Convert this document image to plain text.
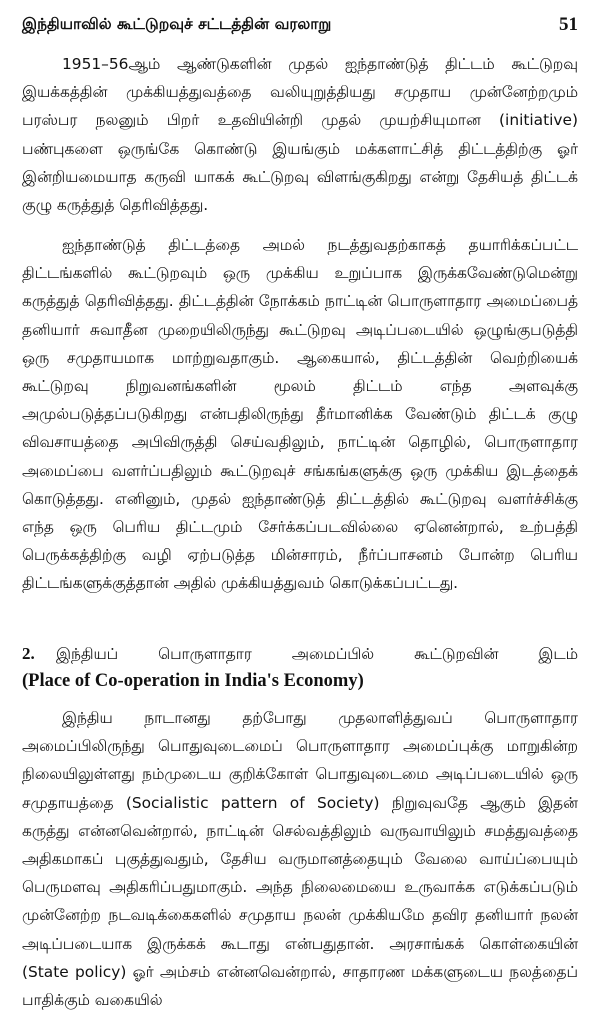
இந்தியாவில் கூட்டுறவுச் சட்டத்தின் வரலாறு	51

1951–56ஆம் ஆண்டுகளின் முதல் ஐந்தாண்டுத் திட்டம் கூட்டுறவு இயக்கத்தின் முக்கியத்துவத்தை வலியுறுத்தியது சமுதாய முன்னேற்றமும் பரஸ்பர நலனும் பிறர் உதவியின்றி முதல் முயற்சியுமான (initiative) பண்புகளை ஒருங்கே கொண்டு இயங்கும் மக்களாட்சித் திட்டத்திற்கு ஓர் இன்றியமையாத கருவி யாகக் கூட்டுறவு விளங்குகிறது என்று தேசியத் திட்டக் குழு கருத்துத் தெரிவித்தது.

ஐந்தாண்டுத் திட்டத்தை அமல் நடத்துவதற்காகத் தயாரிக்கப்பட்ட திட்டங்களில் கூட்டுறவும் ஒரு முக்கிய உறுப்பாக இருக்கவேண்டுமென்று கருத்துத் தெரிவித்தது. திட்டத்தின் நோக்கம் நாட்டின் பொருளாதார அமைப்பைத் தனியார் சுவாதீன முறையிலிருந்து கூட்டுறவு அடிப்படையில் ஒழுங்குபடுத்தி ஒரு சமுதாயமாக மாற்றுவதாகும். ஆகையால், திட்டத்தின் வெற்றியைக் கூட்டுறவு நிறுவனங்களின் மூலம் திட்டம் எந்த அளவுக்கு அமுல்படுத்தப்படுகிறது என்பதிலிருந்து தீர்மானிக்க வேண்டும் திட்டக் குழு விவசாயத்தை அபிவிருத்தி செய்வதிலும், நாட்டின் தொழில், பொருளாதார அமைப்பை வளர்ப்பதிலும் கூட்டுறவுச் சங்கங்களுக்கு ஒரு முக்கிய இடத்தைக் கொடுத்தது. எனினும், முதல் ஐந்தாண்டுத் திட்டத்தில் கூட்டுறவு வளர்ச்சிக்கு எந்த ஒரு பெரிய திட்டமும் சேர்க்கப்படவில்லை ஏனென்றால், உற்பத்தி பெருக்கத்திற்கு வழி ஏற்படுத்த மின்சாரம், நீர்ப்பாசனம் போன்ற பெரிய திட்டங்களுக்குத்தான் அதில் முக்கியத்துவம் கொடுக்கப்பட்டது.

2.	இந்தியப் பொருளாதார அமைப்பில் கூட்டுறவின் இடம்
(Place of Co-operation in India's Economy)

இந்திய நாடானது தற்போது முதலாளித்துவப் பொருளாதார அமைப்பிலிருந்து பொதுவுடைமைப் பொருளாதார அமைப்புக்கு மாறுகின்ற நிலையிலுள்ளது நம்முடைய குறிக்கோள் பொதுவுடைமை அடிப்படையில் ஒரு சமுதாயத்தை (Socialistic pattern of Society) நிறுவுவதே ஆகும் இதன் கருத்து என்னவென்றால், நாட்டின் செல்வத்திலும் வருவாயிலும் சமத்துவத்தை அதிகமாகப் புகுத்துவதும், தேசிய வருமானத்தையும் வேலை வாய்ப்பையும் பெருமளவு அதிகரிப்பதுமாகும். அந்த நிலைமையை உருவாக்க எடுக்கப்படும் முன்னேற்ற நடவடிக்கைகளில் சமுதாய நலன் முக்கியமே தவிர தனியார் நலன் அடிப்படையாக இருக்கக் கூடாது என்பதுதான். அரசாங்கக் கொள்கையின் (State policy) ஓர் அம்சம் என்னவென்றால், சாதாரண மக்களுடைய நலத்தைப் பாதிக்கும் வகையில்
